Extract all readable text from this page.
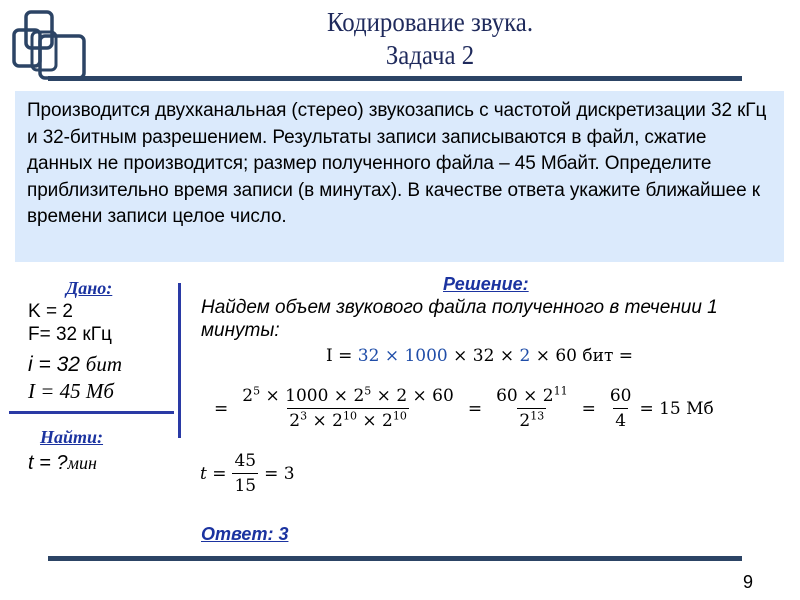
Кодирование звука.
Задача 2
Производится двухканальная (стерео) звукозапись с частотой дискретизации 32 кГц и 32-битным разрешением. Результаты записи записываются в файл, сжатие данных не производится; размер полученного файла – 45 Мбайт. Определите приблизительно время записи (в минутах). В качестве ответа укажите ближайшее к времени записи целое число.
Дано:
K = 2
F= 32 кГц
i = 32 бит
I = 45 Мб
Найти:
t = ?мин
Решение:
Найдем объем звукового файла полученного в течении 1 минуты:
I = 32 × 1000 × 32 × 2 × 60 бит =
= $\frac{2^5 \times 1000 \times 2^5 \times 2 \times 60}{2^3 \times 2^{10} \times 2^{10}} = \frac{60 \times 2^{11}}{2^{13}} = \frac{60}{4} = 15$ Мб
$t = \frac{45}{15} = 3$
Ответ: 3
9
